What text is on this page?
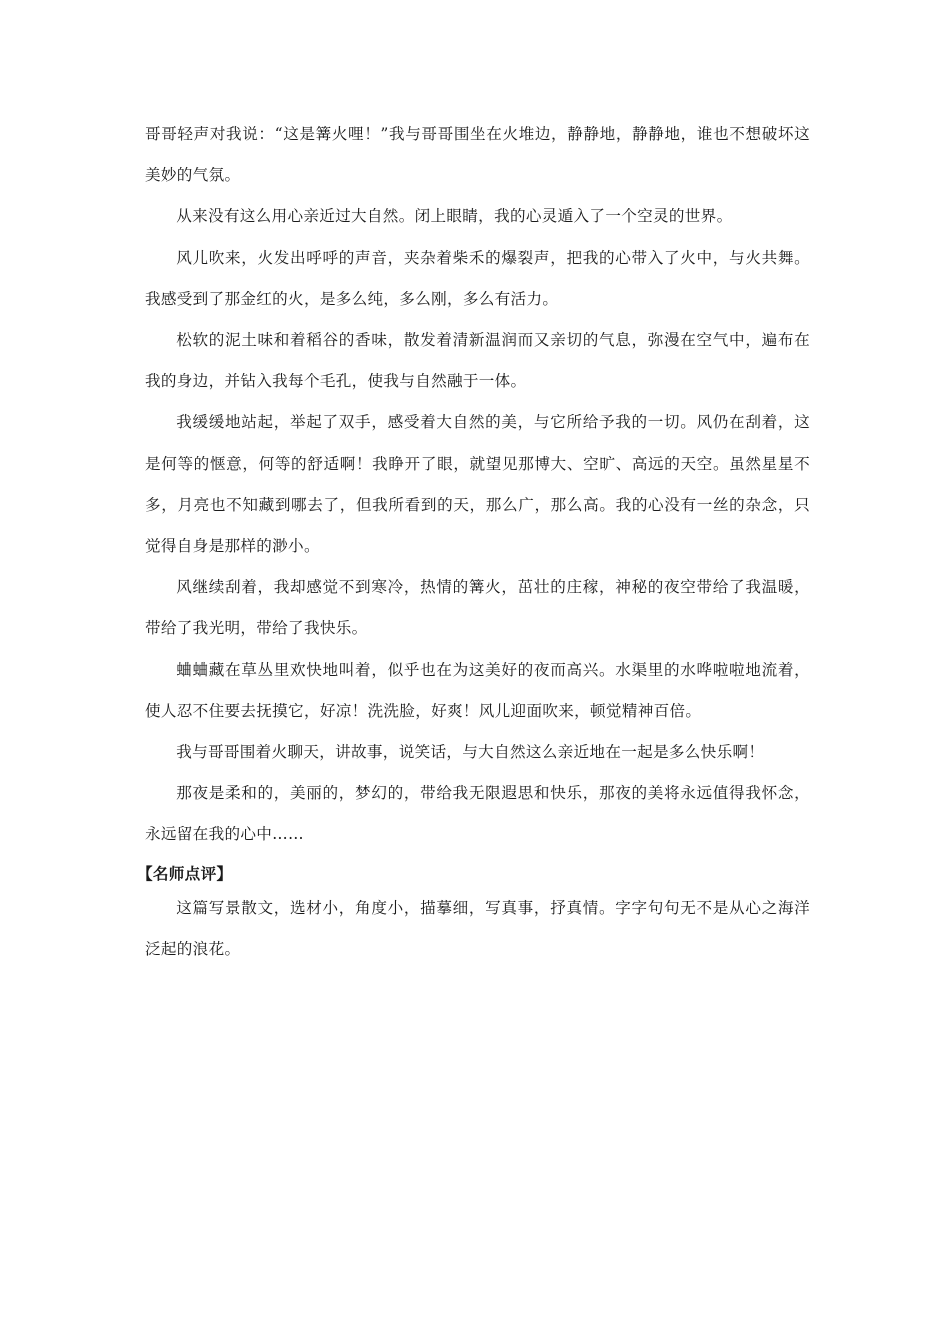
哥哥轻声对我说：“这是篝火哩！”我与哥哥围坐在火堆边，静静地，静静地，谁也不想破坏这美妙的气氛。

从来没有这么用心亲近过大自然。闭上眼睛，我的心灵遁入了一个空灵的世界。

风儿吹来，火发出呼呼的声音，夹杂着柴禾的爆裂声，把我的心带入了火中，与火共舞。我感受到了那金红的火，是多么纯，多么刚，多么有活力。

松软的泥土味和着稻谷的香味，散发着清新温润而又亲切的气息，弥漫在空气中，遍布在我的身边，并钻入我每个毛孔，使我与自然融于一体。

我缓缓地站起，举起了双手，感受着大自然的美，与它所给予我的一切。风仍在刮着，这是何等的惬意，何等的舒适啊！我睁开了眼，就望见那博大、空旷、高远的天空。虽然星星不多，月亮也不知藏到哪去了，但我所看到的天，那么广，那么高。我的心没有一丝的杂念，只觉得自身是那样的渺小。

风继续刮着，我却感觉不到寒冷，热情的篝火，茁壮的庄稼，神秘的夜空带给了我温暖，带给了我光明，带给了我快乐。

蛐蛐藏在草丛里欢快地叫着，似乎也在为这美好的夜而高兴。水渠里的水哗啦啦地流着，使人忍不住要去抚摸它，好凉！洗洗脸，好爽！风儿迎面吹来，顿觉精神百倍。

我与哥哥围着火聊天，讲故事，说笑话，与大自然这么亲近地在一起是多么快乐啊！

那夜是柔和的，美丽的，梦幻的，带给我无限遐思和快乐，那夜的美将永远值得我怀念，永远留在我的心中……

【名师点评】

这篇写景散文，选材小，角度小，描摹细，写真事，抒真情。字字句句无不是从心之海洋泛起的浪花。
